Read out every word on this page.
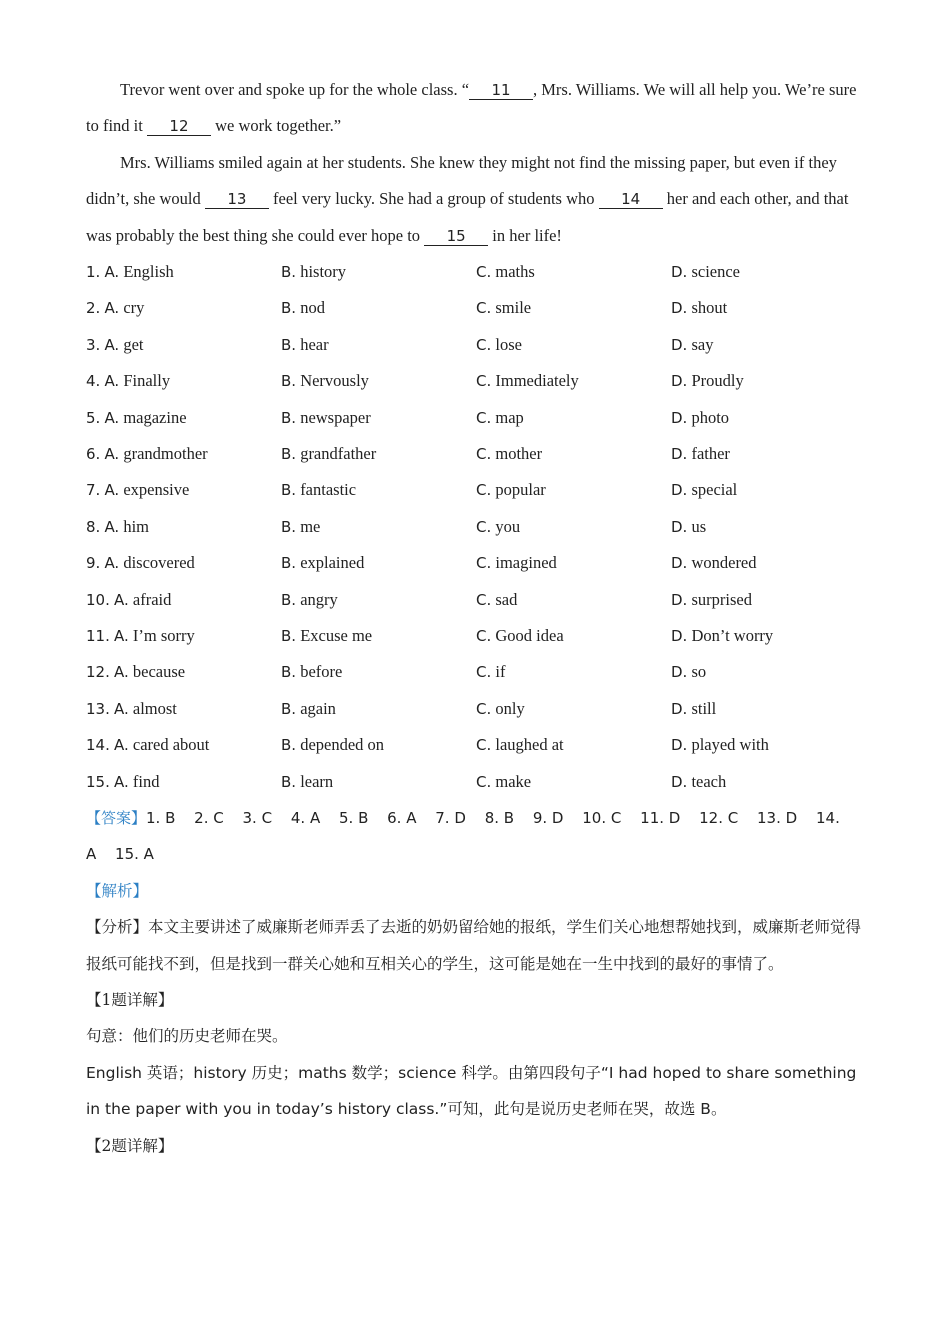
Trevor went over and spoke up for the whole class. “ 11 , Mrs. Williams. We will all help you. We’re sure to find it 12 we work together.”

Mrs. Williams smiled again at her students. She knew they might not find the missing paper, but even if they didn’t, she would 13 feel very lucky. She had a group of students who 14 her and each other, and that was probably the best thing she could ever hope to 15 in her life!

1. A. English	B. history	C. maths	D. science
2. A. cry	B. nod	C. smile	D. shout
3. A. get	B. hear	C. lose	D. say
4. A. Finally	B. Nervously	C. Immediately	D. Proudly
5. A. magazine	B. newspaper	C. map	D. photo
6. A. grandmother	B. grandfather	C. mother	D. father
7. A. expensive	B. fantastic	C. popular	D. special
8. A. him	B. me	C. you	D. us
9. A. discovered	B. explained	C. imagined	D. wondered
10. A. afraid	B. angry	C. sad	D. surprised
11. A. I’m sorry	B. Excuse me	C. Good idea	D. Don’t worry
12. A. because	B. before	C. if	D. so
13. A. almost	B. again	C. only	D. still
14. A. cared about	B. depended on	C. laughed at	D. played with
15. A. find	B. learn	C. make	D. teach
【答案】1. B 2. C 3. C 4. A 5. B 6. A 7. D 8. B 9. D 10. C 11. D 12. C 13. D 14. A 15. A
【解析】
【分析】本文主要讲述了威廉斯老师弄丢了去逝的奶奶留给她的报纸，学生们关心地想帮她找到，威廉斯老师觉得报纸可能找不到，但是找到一群关心她和互相关心的学生，这可能是她在一生中找到的最好的事情了。
【1题详解】
句意：他们的历史老师在哭。
English 英语；history 历史；maths 数学；science 科学。由第四段句子“I had hoped to share something in the paper with you in today’s history class.”可知，此句是说历史老师在哭，故选 B。
【2题详解】
